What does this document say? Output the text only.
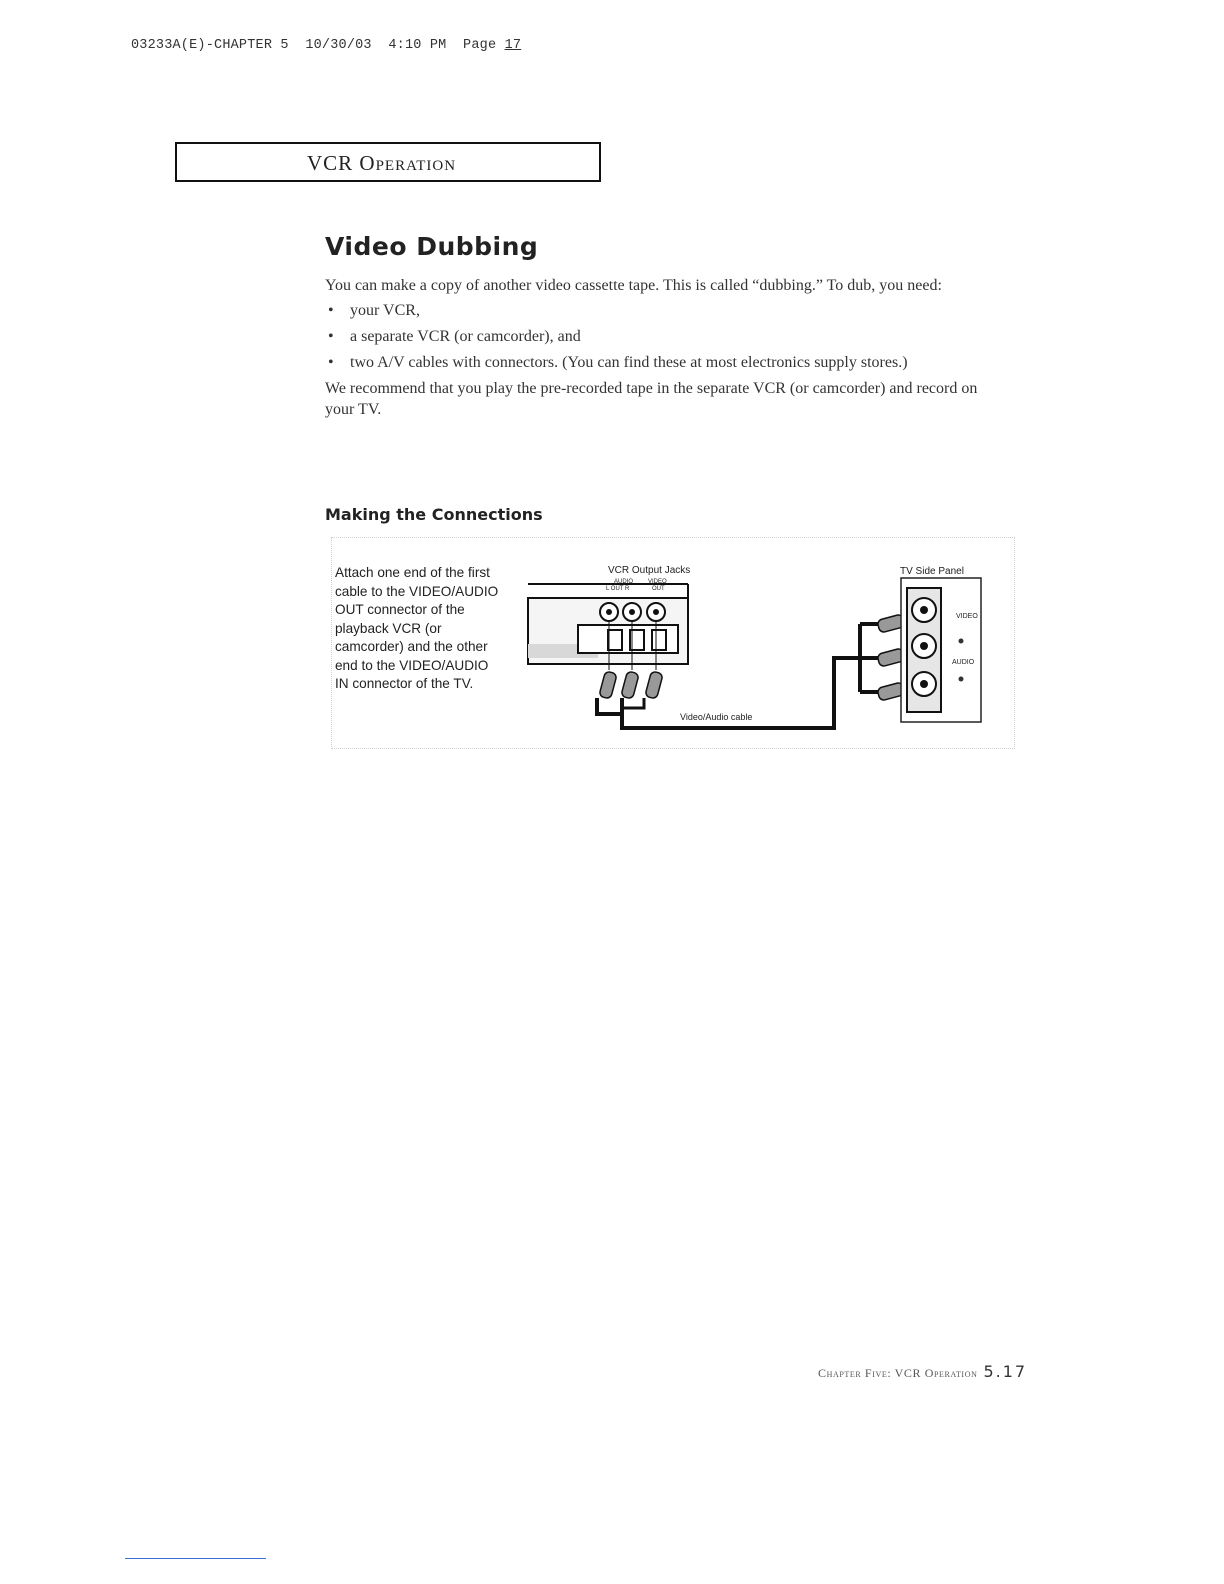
03233A(E)-CHAPTER 5  10/30/03  4:10 PM  Page 17
VCR Operation
Video Dubbing

You can make a copy of another video cassette tape. This is called “dubbing.” To dub, you need:

• your VCR,
• a separate VCR (or camcorder), and
• two A/V cables with connectors. (You can find these at most electronics supply stores.)

We recommend that you play the pre-recorded tape in the separate VCR (or camcorder) and record on your TV.

Making the Connections
VCR Output Jacks
AUDIO VIDEO
L OUT R	OUT
TV Side Panel
VIDEO
AUDIO
Video/Audio cable
Attach one end of the first cable to the VIDEO/AUDIO OUT connector of the playback VCR (or camcorder) and the other end to the VIDEO/AUDIO IN connector of the TV.
Chapter Five: VCR Operation 5.17
